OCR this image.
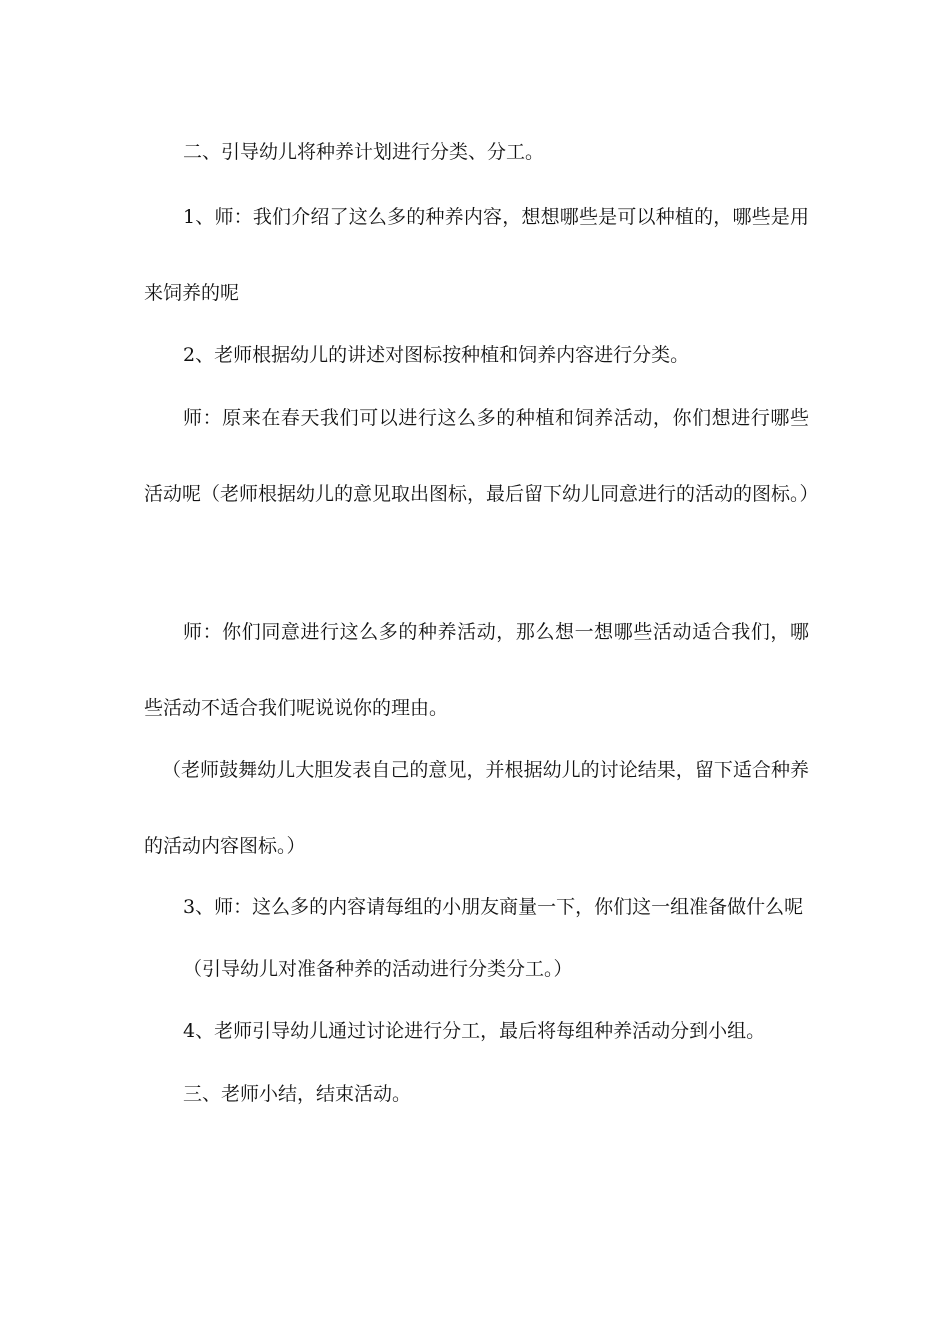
二、引导幼儿将种养计划进行分类、分工。

1、师：我们介绍了这么多的种养内容，想想哪些是可以种植的，哪些是用来饲养的呢

2、老师根据幼儿的讲述对图标按种植和饲养内容进行分类。

师：原来在春天我们可以进行这么多的种植和饲养活动，你们想进行哪些活动呢（老师根据幼儿的意见取出图标，最后留下幼儿同意进行的活动的图标。）

师：你们同意进行这么多的种养活动，那么想一想哪些活动适合我们，哪些活动不适合我们呢说说你的理由。

（老师鼓舞幼儿大胆发表自己的意见，并根据幼儿的讨论结果，留下适合种养的活动内容图标。）

3、师：这么多的内容请每组的小朋友商量一下，你们这一组准备做什么呢

（引导幼儿对准备种养的活动进行分类分工。）

4、老师引导幼儿通过讨论进行分工，最后将每组种养活动分到小组。

三、老师小结，结束活动。
